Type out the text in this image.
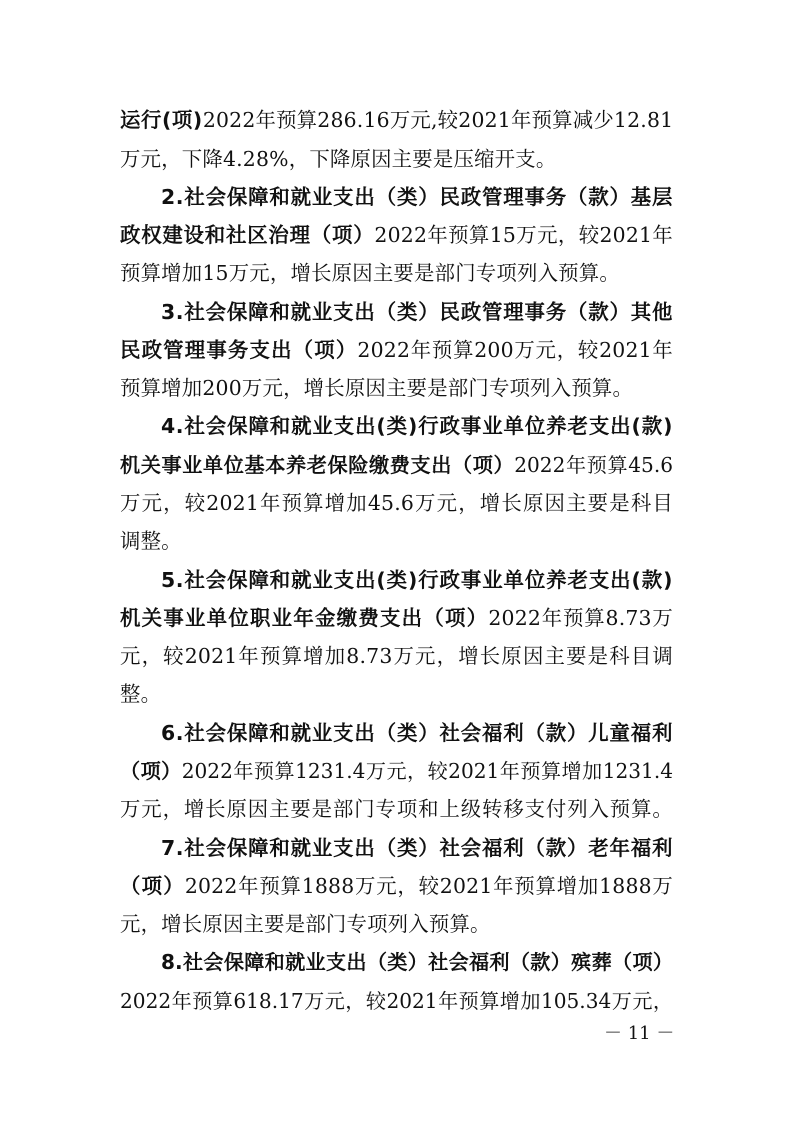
运行(项)2022年预算286.16万元,较2021年预算减少12.81
万元，下降4.28%，下降原因主要是压缩开支。
2.社会保障和就业支出（类）民政管理事务（款）基层
政权建设和社区治理（项）2022年预算15万元，较2021年
预算增加15万元，增长原因主要是部门专项列入预算。
3.社会保障和就业支出（类）民政管理事务（款）其他
民政管理事务支出（项）2022年预算200万元，较2021年
预算增加200万元，增长原因主要是部门专项列入预算。
4.社会保障和就业支出(类)行政事业单位养老支出(款)
机关事业单位基本养老保险缴费支出（项）2022年预算45.6
万元，较2021年预算增加45.6万元，增长原因主要是科目
调整。
5.社会保障和就业支出(类)行政事业单位养老支出(款)
机关事业单位职业年金缴费支出（项）2022年预算8.73万
元，较2021年预算增加8.73万元，增长原因主要是科目调
整。
6.社会保障和就业支出（类）社会福利（款）儿童福利
（项）2022年预算1231.4万元，较2021年预算增加1231.4
万元，增长原因主要是部门专项和上级转移支付列入预算。
7.社会保障和就业支出（类）社会福利（款）老年福利
（项）2022年预算1888万元，较2021年预算增加1888万
元，增长原因主要是部门专项列入预算。
8.社会保障和就业支出（类）社会福利（款）殡葬（项）
2022年预算618.17万元，较2021年预算增加105.34万元，
－ 11 －
